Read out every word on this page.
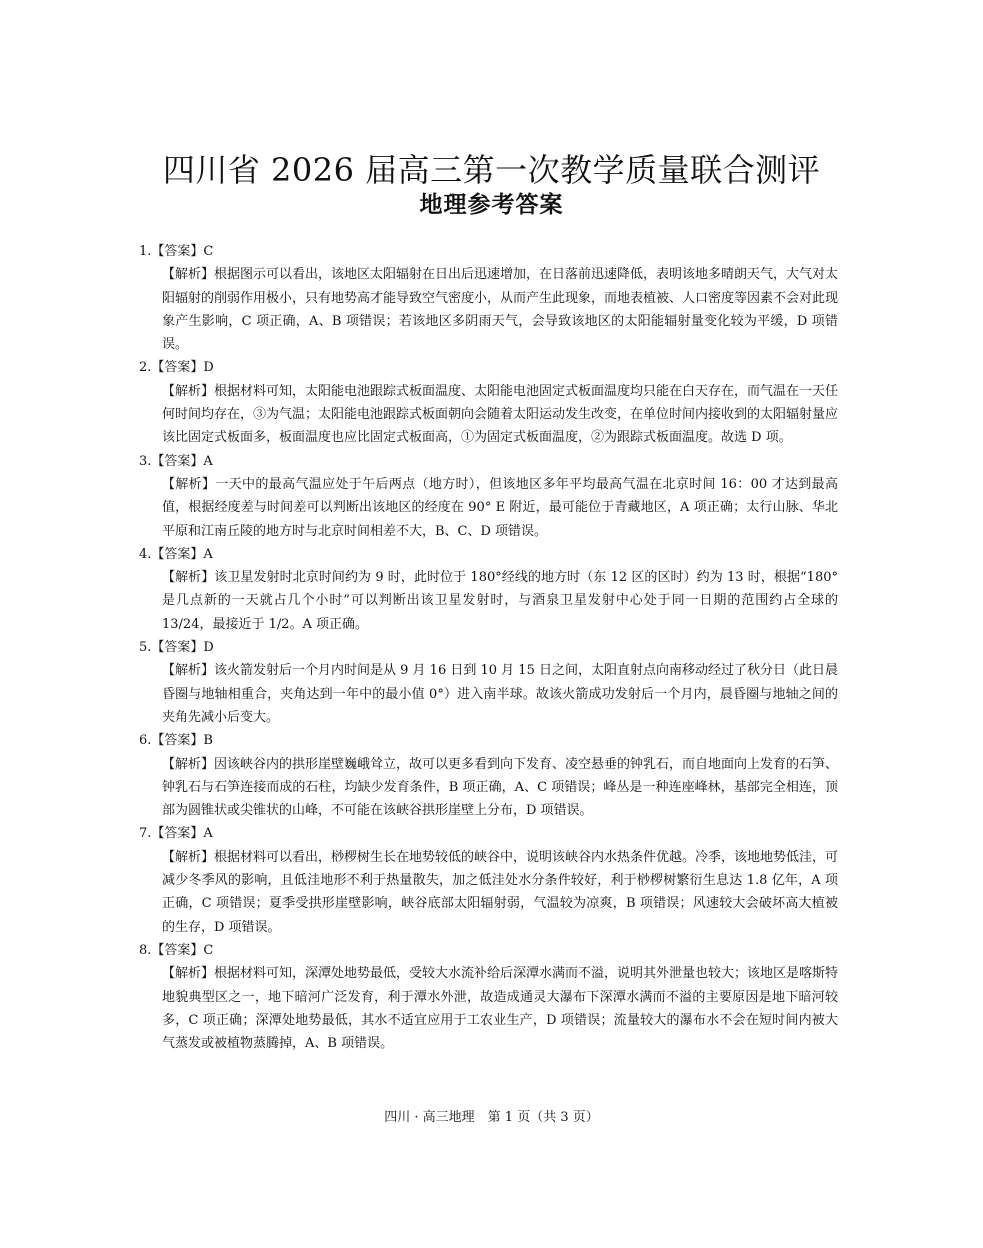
四川省 2026 届高三第一次教学质量联合测评
地理参考答案

1.【答案】C

【解析】根据图示可以看出，该地区太阳辐射在日出后迅速增加，在日落前迅速降低，表明该地多晴朗天气，大气对太阳辐射的削弱作用极小，只有地势高才能导致空气密度小，从而产生此现象，而地表植被、人口密度等因素不会对此现象产生影响，C 项正确，A、B 项错误；若该地区多阴雨天气，会导致该地区的太阳能辐射量变化较为平缓，D 项错误。

2.【答案】D

【解析】根据材料可知，太阳能电池跟踪式板面温度、太阳能电池固定式板面温度均只能在白天存在，而气温在一天任何时间均存在，③为气温；太阳能电池跟踪式板面朝向会随着太阳运动发生改变，在单位时间内接收到的太阳辐射量应该比固定式板面多，板面温度也应比固定式板面高，①为固定式板面温度，②为跟踪式板面温度。故选 D 项。

3.【答案】A

【解析】一天中的最高气温应处于午后两点（地方时），但该地区多年平均最高气温在北京时间 16：00 才达到最高值，根据经度差与时间差可以判断出该地区的经度在 90° E 附近，最可能位于青藏地区，A 项正确；太行山脉、华北平原和江南丘陵的地方时与北京时间相差不大，B、C、D 项错误。

4.【答案】A

【解析】该卫星发射时北京时间约为 9 时，此时位于 180°经线的地方时（东 12 区的区时）约为 13 时，根据“180°是几点新的一天就占几个小时”可以判断出该卫星发射时，与酒泉卫星发射中心处于同一日期的范围约占全球的 13/24，最接近于 1/2。A 项正确。

5.【答案】D

【解析】该火箭发射后一个月内时间是从 9 月 16 日到 10 月 15 日之间，太阳直射点向南移动经过了秋分日（此日晨昏圈与地轴相重合，夹角达到一年中的最小值 0°）进入南半球。故该火箭成功发射后一个月内，晨昏圈与地轴之间的夹角先减小后变大。

6.【答案】B

【解析】因该峡谷内的拱形崖壁巍峨耸立，故可以更多看到向下发育、凌空悬垂的钟乳石，而自地面向上发育的石笋、钟乳石与石笋连接而成的石柱，均缺少发育条件，B 项正确，A、C 项错误；峰丛是一种连座峰林，基部完全相连，顶部为圆锥状或尖锥状的山峰，不可能在该峡谷拱形崖壁上分布，D 项错误。

7.【答案】A

【解析】根据材料可以看出，桫椤树生长在地势较低的峡谷中，说明该峡谷内水热条件优越。冷季，该地地势低洼，可减少冬季风的影响，且低洼地形不利于热量散失，加之低洼处水分条件较好，利于桫椤树繁衍生息达 1.8 亿年，A 项正确，C 项错误；夏季受拱形崖壁影响，峡谷底部太阳辐射弱，气温较为凉爽，B 项错误；风速较大会破坏高大植被的生存，D 项错误。

8.【答案】C

【解析】根据材料可知，深潭处地势最低，受较大水流补给后深潭水满而不溢，说明其外泄量也较大；该地区是喀斯特地貌典型区之一，地下暗河广泛发育，利于潭水外泄，故造成通灵大瀑布下深潭水满而不溢的主要原因是地下暗河较多，C 项正确；深潭处地势最低，其水不适宜应用于工农业生产，D 项错误；流量较大的瀑布水不会在短时间内被大气蒸发或被植物蒸腾掉，A、B 项错误。

四川 · 高三地理　第 1 页（共 3 页）
